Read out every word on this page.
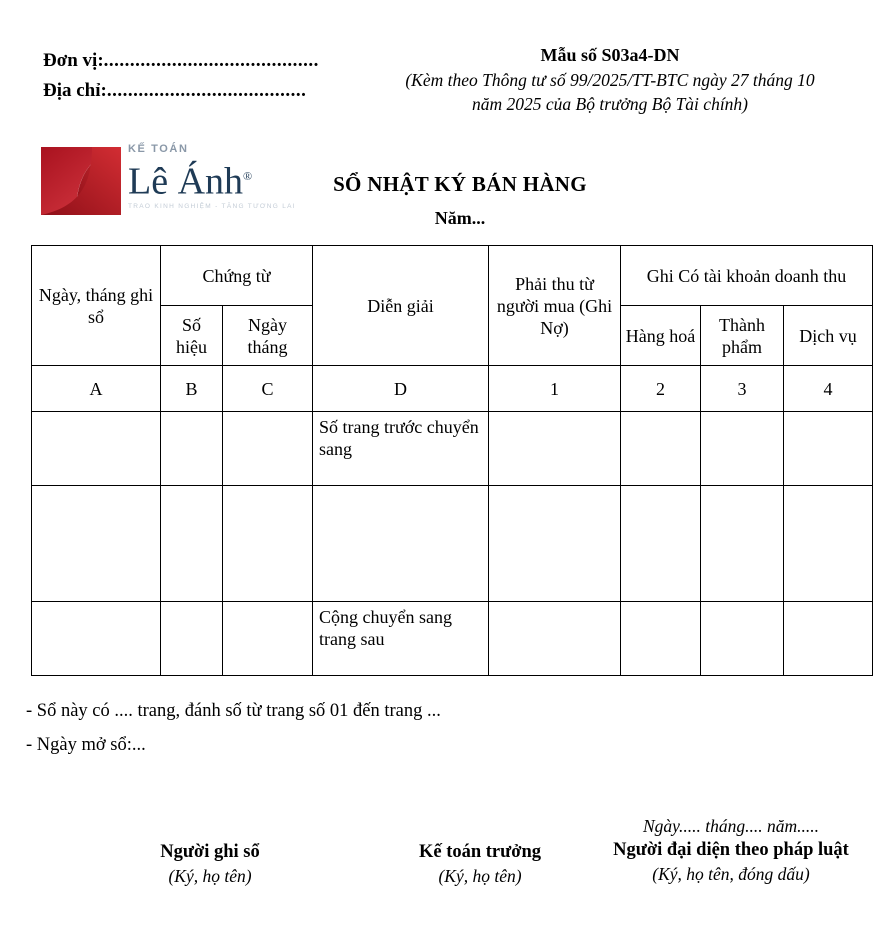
Đơn vị:.........................................
Địa chỉ:......................................
Mẫu số S03a4-DN
(Kèm theo Thông tư số 99/2025/TT-BTC ngày 27 tháng 10
năm 2025 của Bộ trưởng Bộ Tài chính)
KẾ TOÁN
Lê Ánh®
TRAO KINH NGHIỆM - TĂNG TƯƠNG LAI
SỔ NHẬT KÝ BÁN HÀNG
Năm...
Ngày, tháng ghi sổ	Chứng từ		Diễn giải	Phải thu từ người mua (Ghi Nợ)	Ghi Có tài khoản doanh thu		
	Số hiệu	Ngày tháng			Hàng hoá	Thành phẩm	Dịch vụ
A	B	C	D	1	2	3	4
			Số trang trước chuyển sang				

			Cộng chuyển sang trang sau				
- Sổ này có .... trang, đánh số từ trang số 01 đến trang ...
- Ngày mở sổ:...
Người ghi sổ
(Ký, họ tên)
Kế toán trưởng
(Ký, họ tên)
Ngày..... tháng.... năm.....
Người đại diện theo pháp luật
(Ký, họ tên, đóng dấu)
